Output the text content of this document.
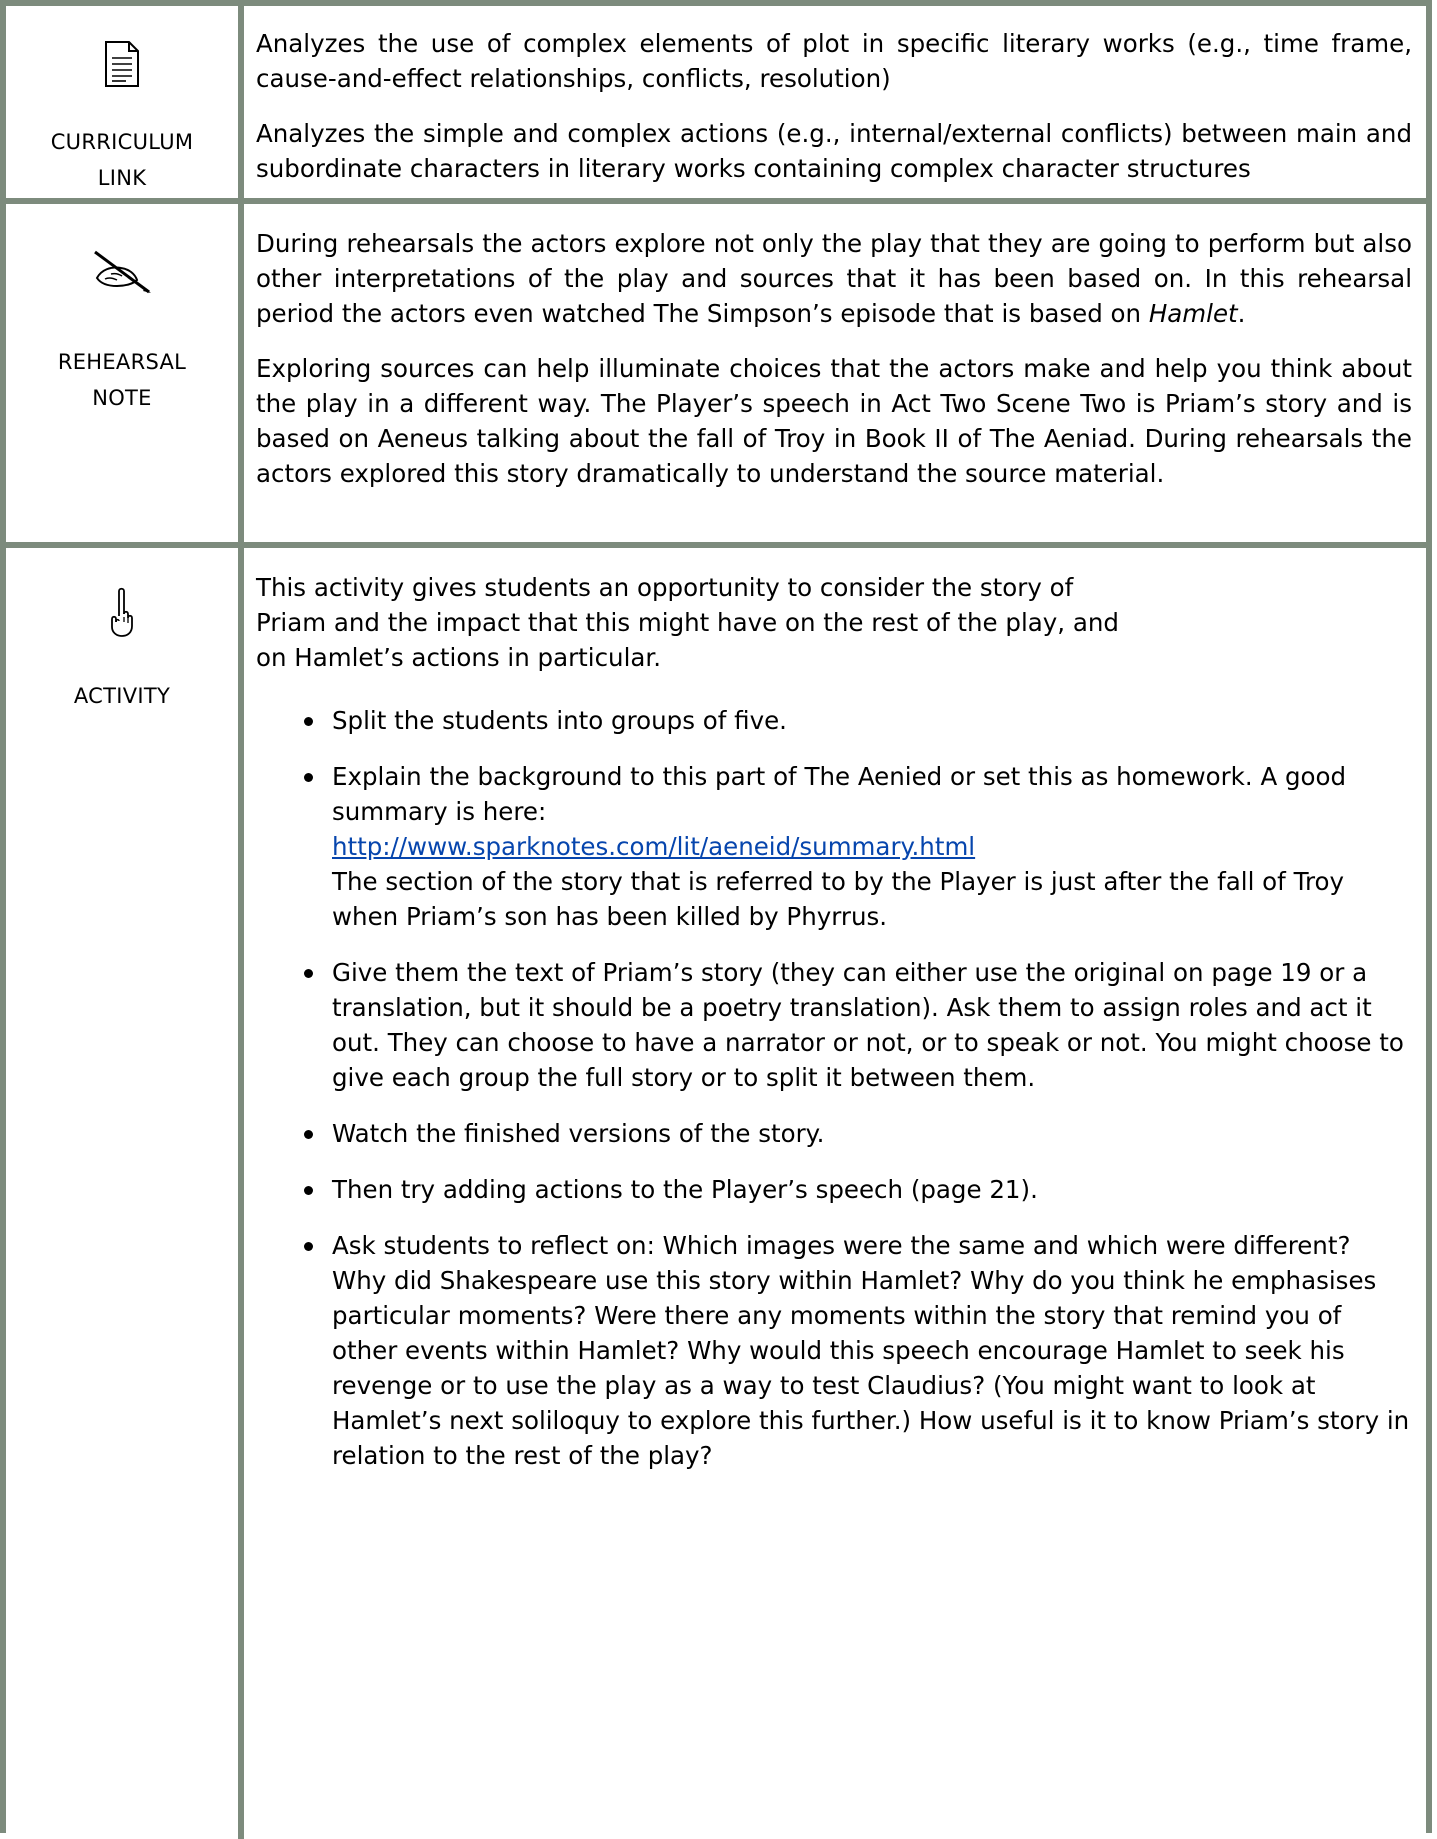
CURRICULUM
LINK

Analyzes the use of complex elements of plot in specific literary works (e.g., time frame, cause-and-effect relationships, conflicts, resolution)

Analyzes the simple and complex actions (e.g., internal/external conflicts) between main and subordinate characters in literary works containing complex character structures

REHEARSAL
NOTE

During rehearsals the actors explore not only the play that they are going to perform but also other interpretations of the play and sources that it has been based on. In this rehearsal period the actors even watched The Simpson’s episode that is based on Hamlet.

Exploring sources can help illuminate choices that the actors make and help you think about the play in a different way. The Player’s speech in Act Two Scene Two is Priam’s story and is based on Aeneus talking about the fall of Troy in Book II of The Aeniad. During rehearsals the actors explored this story dramatically to understand the source material.

ACTIVITY

This activity gives students an opportunity to consider the story of Priam and the impact that this might have on the rest of the play, and on Hamlet’s actions in particular.

Split the students into groups of five.
Explain the background to this part of The Aenied or set this as homework. A good summary is here:
http://www.sparknotes.com/lit/aeneid/summary.html
The section of the story that is referred to by the Player is just after the fall of Troy when Priam’s son has been killed by Phyrrus.
Give them the text of Priam’s story (they can either use the original on page 19 or a translation, but it should be a poetry translation). Ask them to assign roles and act it out. They can choose to have a narrator or not, or to speak or not. You might choose to give each group the full story or to split it between them.
Watch the finished versions of the story.
Then try adding actions to the Player’s speech (page 21).
Ask students to reflect on: Which images were the same and which were different? Why did Shakespeare use this story within Hamlet? Why do you think he emphasises particular moments? Were there any moments within the story that remind you of other events within Hamlet? Why would this speech encourage Hamlet to seek his revenge or to use the play as a way to test Claudius? (You might want to look at Hamlet’s next soliloquy to explore this further.) How useful is it to know Priam’s story in relation to the rest of the play?
